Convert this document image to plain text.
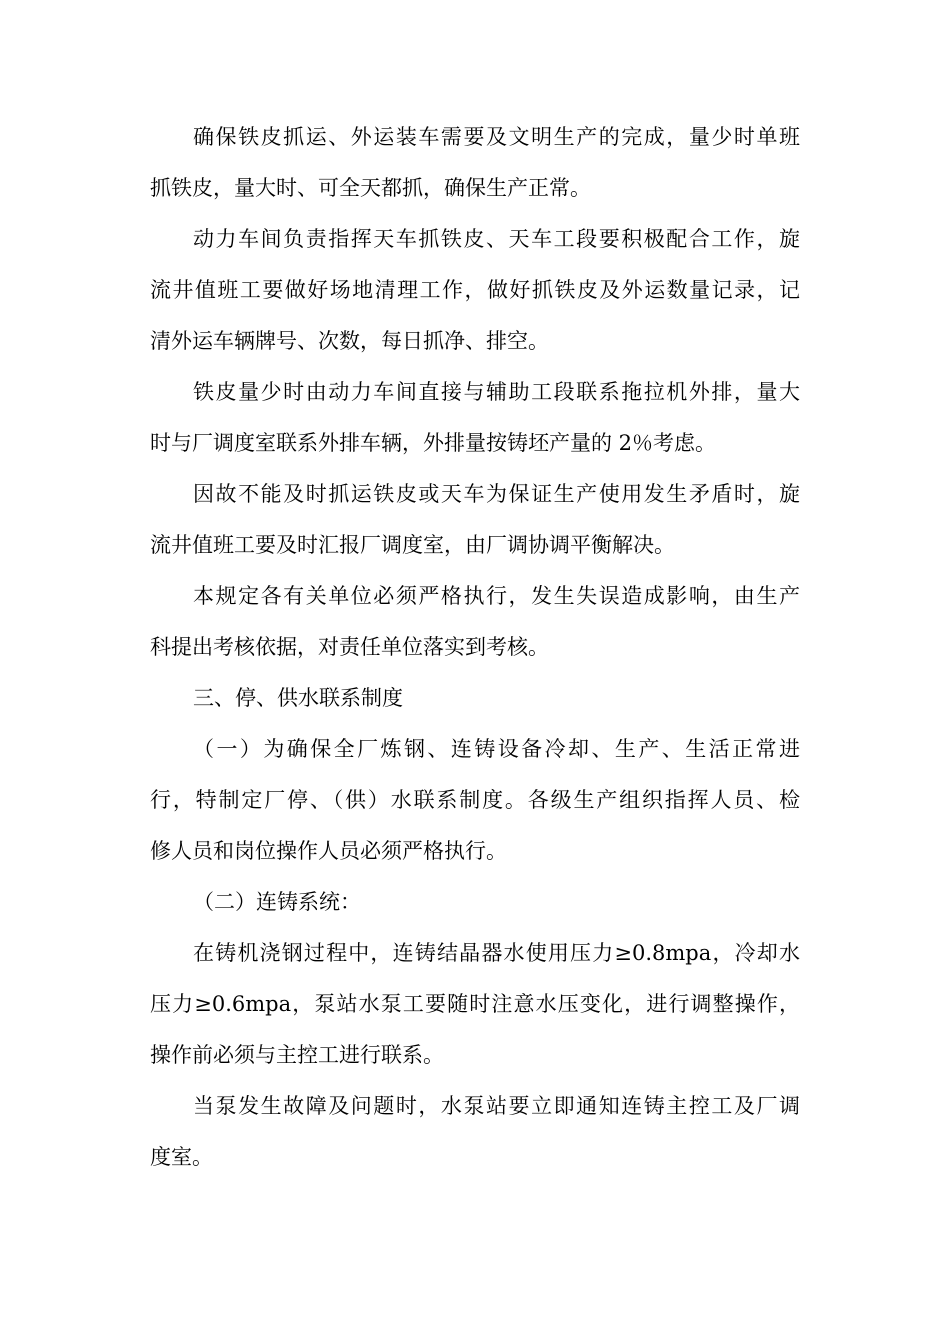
确保铁皮抓运、外运装车需要及文明生产的完成，量少时单班
抓铁皮，量大时、可全天都抓，确保生产正常。
动力车间负责指挥天车抓铁皮、天车工段要积极配合工作，旋
流井值班工要做好场地清理工作，做好抓铁皮及外运数量记录，记
清外运车辆牌号、次数，每日抓净、排空。
铁皮量少时由动力车间直接与辅助工段联系拖拉机外排，量大
时与厂调度室联系外排车辆，外排量按铸坯产量的 2％考虑。
因故不能及时抓运铁皮或天车为保证生产使用发生矛盾时，旋
流井值班工要及时汇报厂调度室，由厂调协调平衡解决。
本规定各有关单位必须严格执行，发生失误造成影响，由生产
科提出考核依据，对责任单位落实到考核。
三、停、供水联系制度
（一）为确保全厂炼钢、连铸设备冷却、生产、生活正常进
行，特制定厂停、（供）水联系制度。各级生产组织指挥人员、检
修人员和岗位操作人员必须严格执行。
（二）连铸系统：
在铸机浇钢过程中，连铸结晶器水使用压力≥0.8mpa，冷却水
压力≥0.6mpa，泵站水泵工要随时注意水压变化，进行调整操作，
操作前必须与主控工进行联系。
当泵发生故障及问题时，水泵站要立即通知连铸主控工及厂调
度室。
